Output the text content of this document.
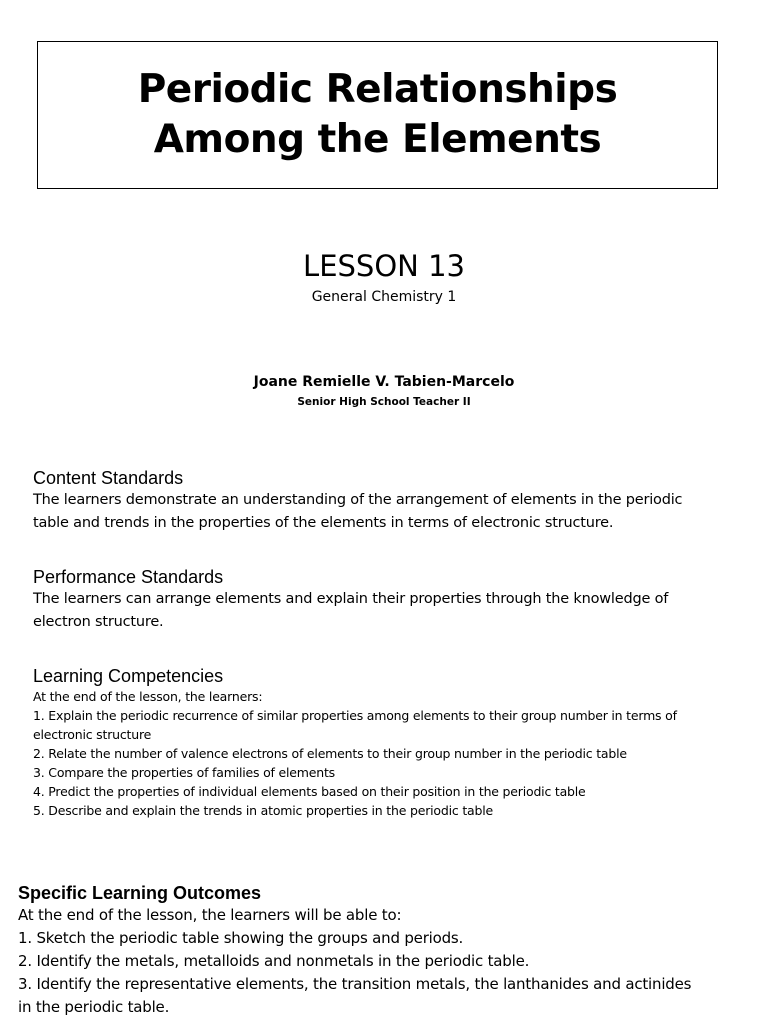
Periodic Relationships
Among the Elements
LESSON 13
General Chemistry 1
Joane Remielle V. Tabien-Marcelo
Senior High School Teacher II
Content Standards
The learners demonstrate an understanding of the arrangement of elements in the periodic
table and trends in the properties of the elements in terms of electronic structure.
Performance Standards
The learners can arrange elements and explain their properties through the knowledge of
electron structure.
Learning Competencies
At the end of the lesson, the learners:
1. Explain the periodic recurrence of similar properties among elements to their group number in terms of
electronic structure
2. Relate the number of valence electrons of elements to their group number in the periodic table
3. Compare the properties of families of elements
4. Predict the properties of individual elements based on their position in the periodic table
5. Describe and explain the trends in atomic properties in the periodic table
Specific Learning Outcomes
At the end of the lesson, the learners will be able to:
1. Sketch the periodic table showing the groups and periods.
2. Identify the metals, metalloids and nonmetals in the periodic table.
3. Identify the representative elements, the transition metals, the lanthanides and actinides
in the periodic table.
